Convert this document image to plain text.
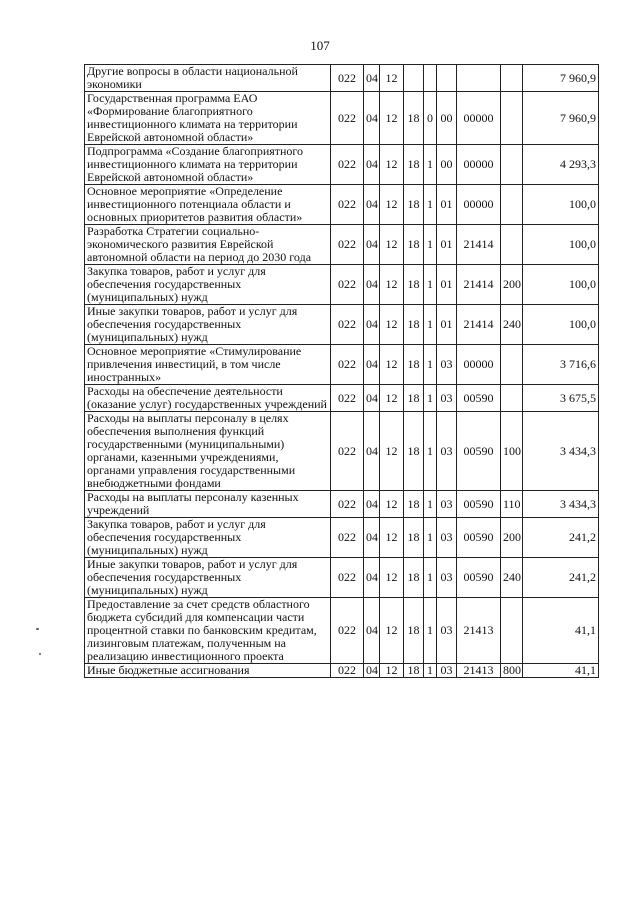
107
Другие вопросы в области национальной экономики	022	04	12						7 960,9
Государственная программа ЕАО «Формирование благоприятного инвестиционного климата на территории Еврейской автономной области»	022	04	12	18	0	00	00000		7 960,9
Подпрограмма «Создание благоприятного инвестиционного климата на территории Еврейской автономной области»	022	04	12	18	1	00	00000		4 293,3
Основное мероприятие «Определение инвестиционного потенциала области и основных приоритетов развития области»	022	04	12	18	1	01	00000		100,0
Разработка Стратегии социально-экономического развития Еврейской автономной области на период до 2030 года	022	04	12	18	1	01	21414		100,0
Закупка товаров, работ и услуг для обеспечения государственных (муниципальных) нужд	022	04	12	18	1	01	21414	200	100,0
Иные закупки товаров, работ и услуг для обеспечения государственных (муниципальных) нужд	022	04	12	18	1	01	21414	240	100,0
Основное мероприятие «Стимулирование привлечения инвестиций, в том числе иностранных»	022	04	12	18	1	03	00000		3 716,6
Расходы на обеспечение деятельности (оказание услуг) государственных учреждений	022	04	12	18	1	03	00590		3 675,5
Расходы на выплаты персоналу в целях обеспечения выполнения функций государственными (муниципальными) органами, казенными учреждениями, органами управления государственными внебюджетными фондами	022	04	12	18	1	03	00590	100	3 434,3
Расходы на выплаты персоналу казенных учреждений	022	04	12	18	1	03	00590	110	3 434,3
Закупка товаров, работ и услуг для обеспечения государственных (муниципальных) нужд	022	04	12	18	1	03	00590	200	241,2
Иные закупки товаров, работ и услуг для обеспечения государственных (муниципальных) нужд	022	04	12	18	1	03	00590	240	241,2
Предоставление за счет средств областного бюджета субсидий для компенсации части процентной ставки по банковским кредитам, лизинговым платежам, полученным на реализацию инвестиционного проекта	022	04	12	18	1	03	21413		41,1
Иные бюджетные ассигнования	022	04	12	18	1	03	21413	800	41,1
